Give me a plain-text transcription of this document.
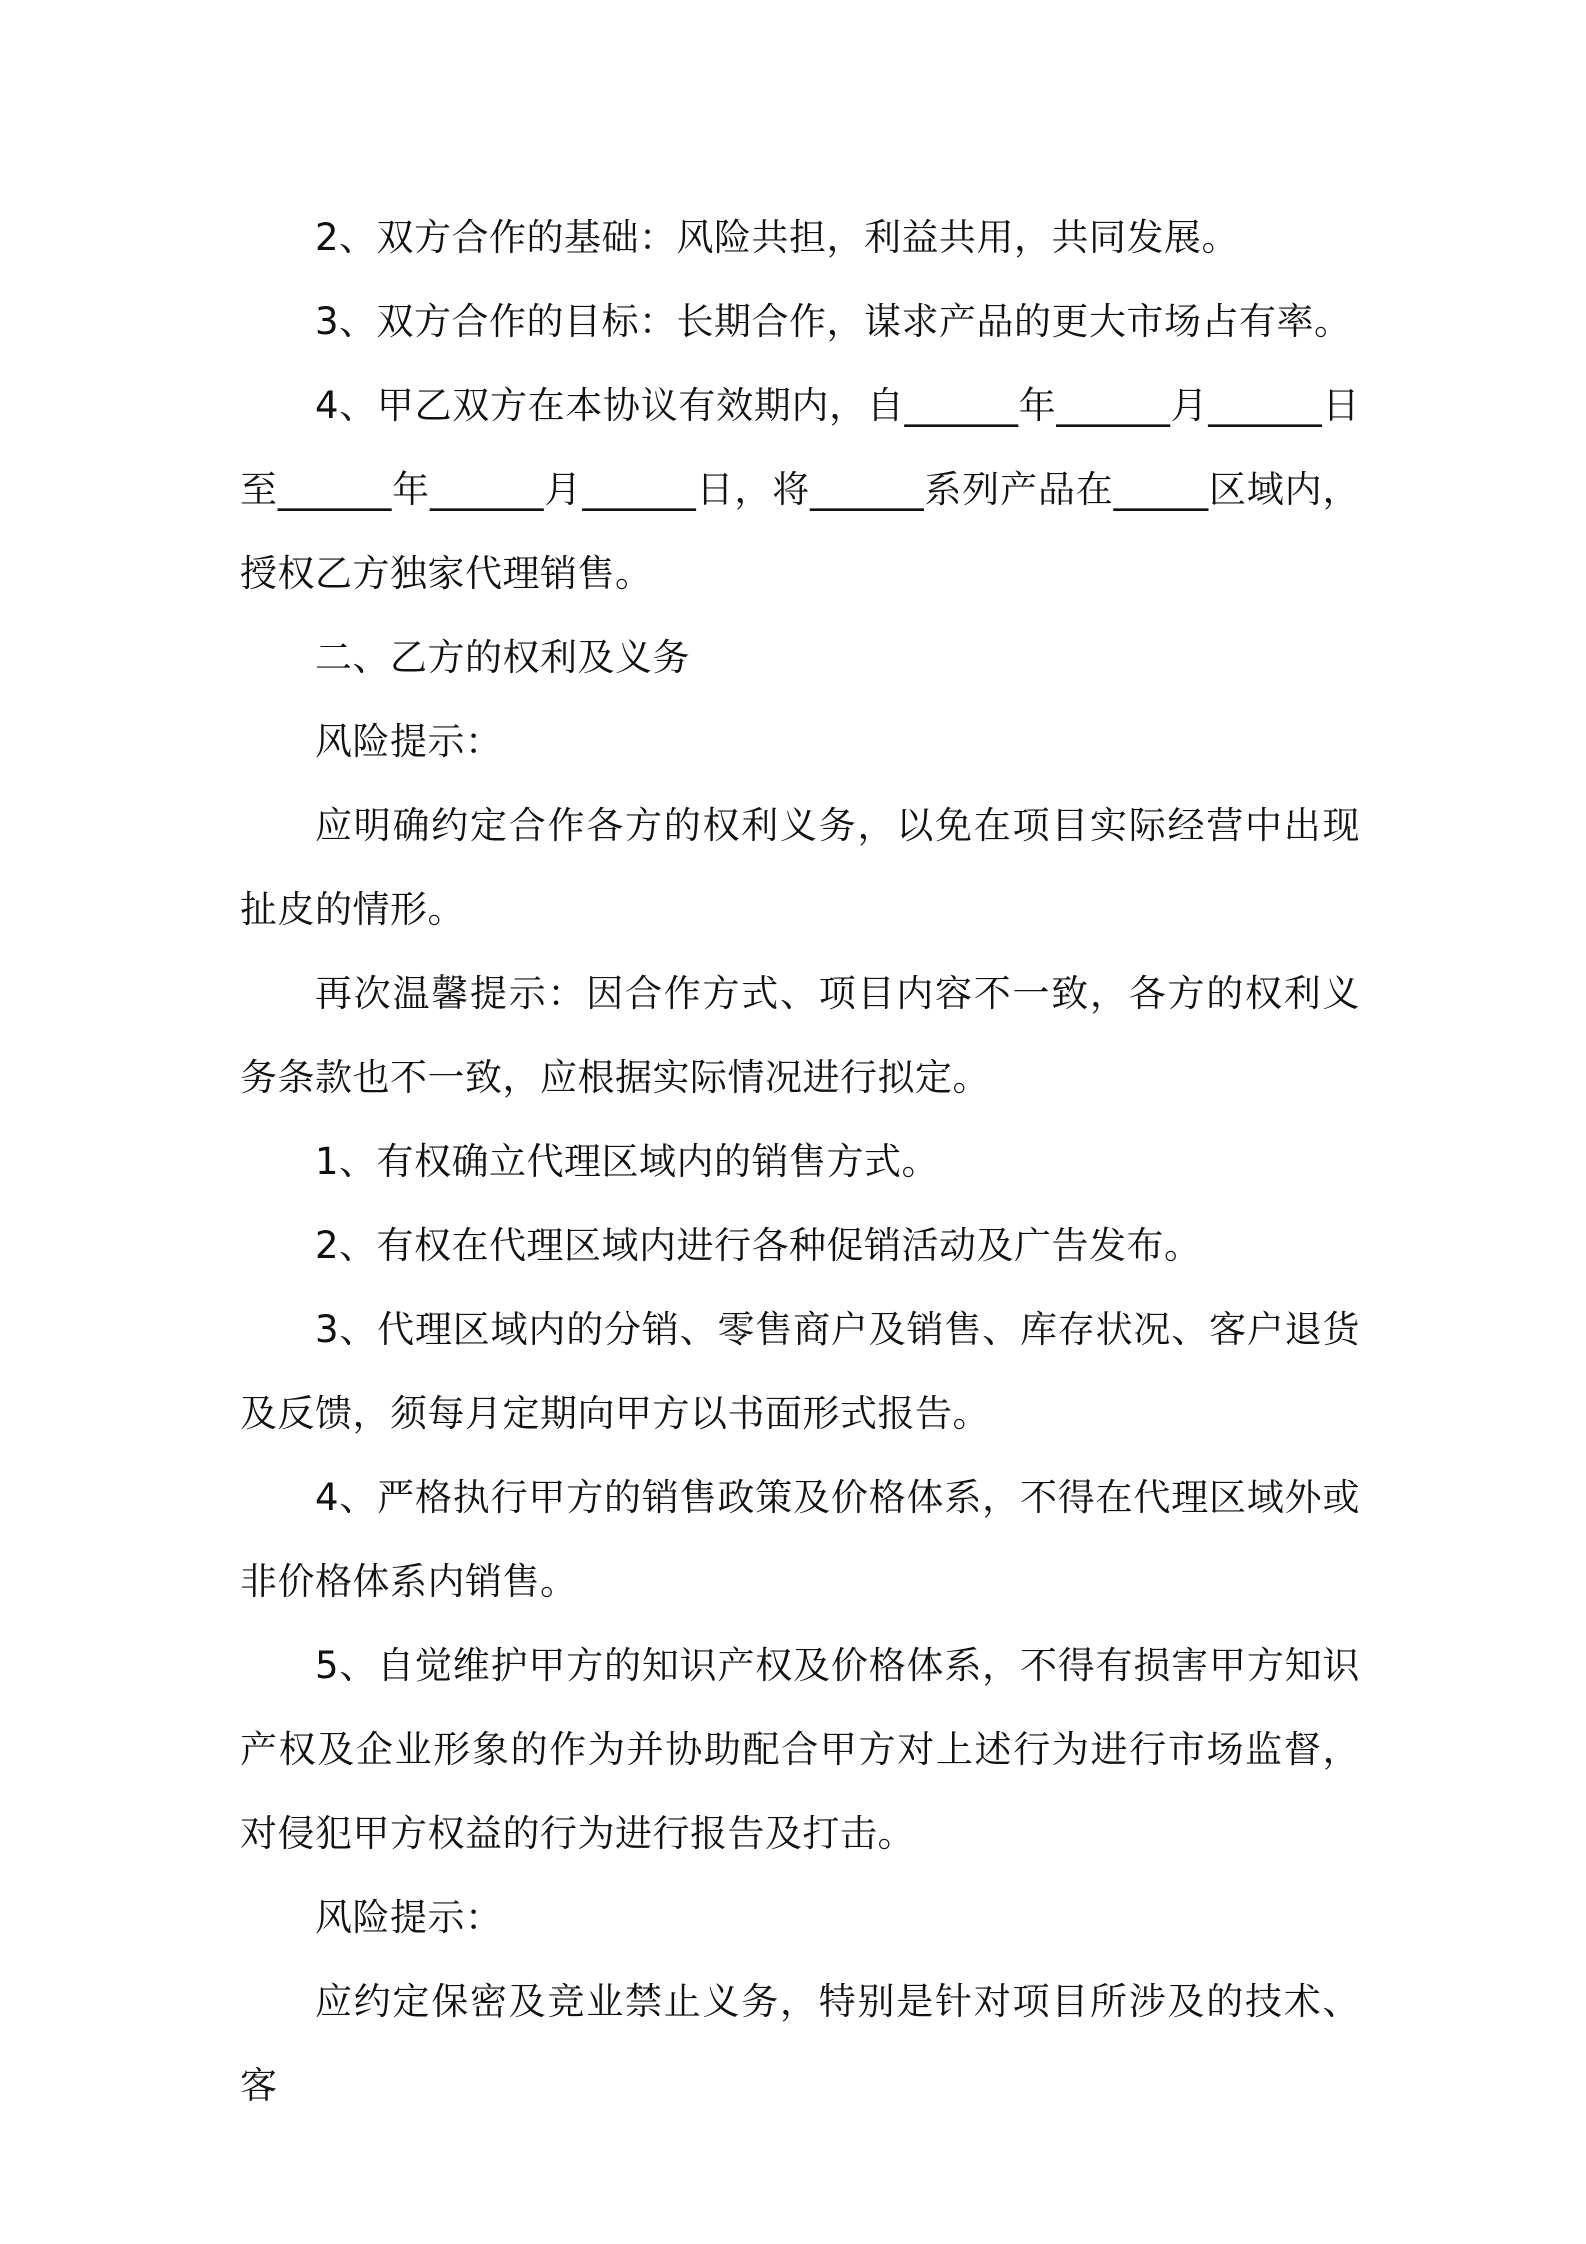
2、双方合作的基础：风险共担，利益共用，共同发展。

3、双方合作的目标：长期合作，谋求产品的更大市场占有率。

4、甲乙双方在本协议有效期内，自______年______月______日至______年______月______日，将______系列产品在_____区域内，授权乙方独家代理销售。

二、乙方的权利及义务

风险提示：

应明确约定合作各方的权利义务，以免在项目实际经营中出现扯皮的情形。

再次温馨提示：因合作方式、项目内容不一致，各方的权利义务条款也不一致，应根据实际情况进行拟定。

1、有权确立代理区域内的销售方式。

2、有权在代理区域内进行各种促销活动及广告发布。

3、代理区域内的分销、零售商户及销售、库存状况、客户退货及反馈，须每月定期向甲方以书面形式报告。

4、严格执行甲方的销售政策及价格体系，不得在代理区域外或非价格体系内销售。

5、自觉维护甲方的知识产权及价格体系，不得有损害甲方知识产权及企业形象的作为并协助配合甲方对上述行为进行市场监督，对侵犯甲方权益的行为进行报告及打击。

风险提示：

应约定保密及竞业禁止义务，特别是针对项目所涉及的技术、客
